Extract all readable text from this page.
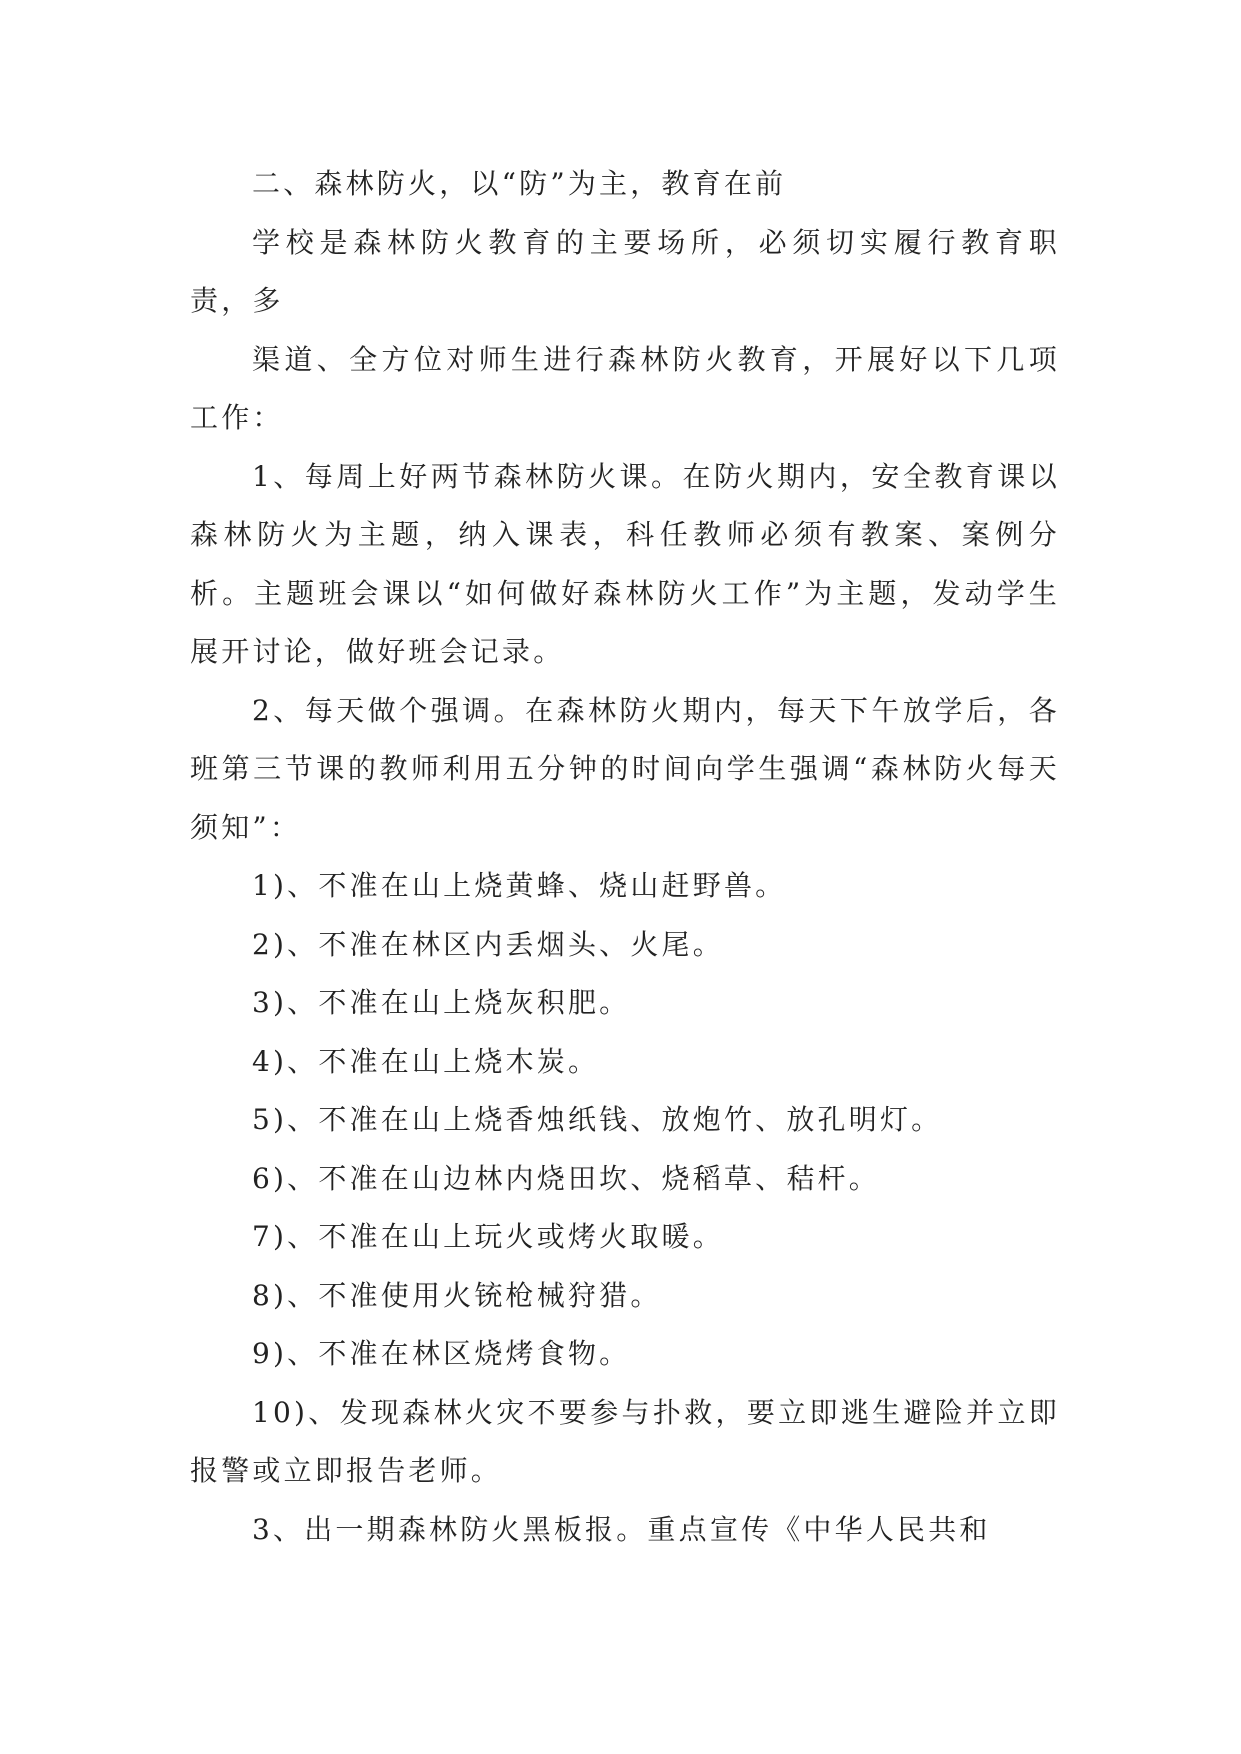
二、森林防火，以“防”为主，教育在前

学校是森林防火教育的主要场所，必须切实履行教育职责，多

渠道、全方位对师生进行森林防火教育，开展好以下几项工作：

1、每周上好两节森林防火课。在防火期内，安全教育课以森林防火为主题，纳入课表，科任教师必须有教案、案例分析。主题班会课以“如何做好森林防火工作”为主题，发动学生展开讨论，做好班会记录。

2、每天做个强调。在森林防火期内，每天下午放学后，各班第三节课的教师利用五分钟的时间向学生强调“森林防火每天须知”：

1)、不准在山上烧黄蜂、烧山赶野兽。

2)、不准在林区内丢烟头、火尾。

3)、不准在山上烧灰积肥。

4)、不准在山上烧木炭。

5)、不准在山上烧香烛纸钱、放炮竹、放孔明灯。

6)、不准在山边林内烧田坎、烧稻草、秸杆。

7)、不准在山上玩火或烤火取暖。

8)、不准使用火铳枪械狩猎。

9)、不准在林区烧烤食物。

10)、发现森林火灾不要参与扑救，要立即逃生避险并立即报警或立即报告老师。

3、出一期森林防火黑板报。重点宣传《中华人民共和
